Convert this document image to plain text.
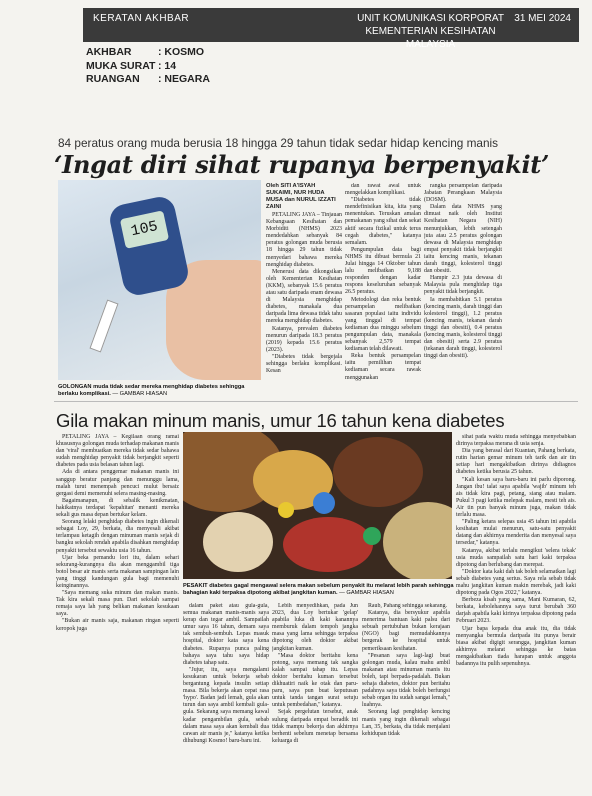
KERATAN AKHBAR	UNIT KOMUNIKASI KORPORAT
KEMENTERIAN KESIHATAN MALAYSIA
31 MEI 2024
AKHBAR	: KOSMO
MUKA SURAT : 14
RUANGAN : NEGARA
84 peratus orang muda berusia 18 hingga 29 tahun tidak sedar hidap kencing manis
‘Ingat diri sihat rupanya berpenyakit’
105
GOLONGAN muda tidak sedar mereka menghidap diabetes sehingga berlaku komplikasi. — GAMBAR HIASAN
Oleh SITI A'ISYAH SUKAIMI, NUR HUDA MUSA dan NURUL IZZATI ZAINI

PETALING JAYA – Tinjauan Kebangsaan Kesihatan dan Morbiditi (NHMS) 2023 mendedahkan sebanyak 84 peratus golongan muda berusia 18 hingga 29 tahun tidak menyedari bahawa mereka menghidap diabetes.

Menerusi data dikongsikan oleh Kementerian Kesihatan (KKM), sebanyak 15.6 peratus atau satu daripada enam dewasa di Malaysia menghidap diabetes, manakala dua daripada lima dewasa tidak tahu mereka menghidap diabetes.

Katanya, prevalen diabetes menurun daripada 18.3 peratus (2019) kepada 15.6 peratus (2023).

"Diabetes tidak bergejala sehingga berlaku komplikasi. Kesan

dan rawat awal untuk mengelakkan komplikasi.

"Diabetes tidak mendefinisikan kita, kita yang menentukan. Teruskan amalan pemakanan yang sihat dan sekat aktif secara fizikal untuk terus cegah diabetes," katanya semalam.

Pengumpulan data bagi NHMS itu dibuat bermula 21 Julai hingga 14 Oktober tahun lalu melibatkan 9,188 responden dengan kadar respons keseluruhan sebanyak 26.5 peratus.

Metodologi dan reka bentuk persampelan melibatkan sasaran populasi iaitu individu yang tinggal di tempat kediaman dua minggu sebelum pengumpulan data, manakala sebanyak 2,579 tempat kediaman telah dilawati.

Reka bentuk persampelan iaitu pemilihan tempat kediaman secara rawak menggunakan

rangka persampelan daripada Jabatan Perangkaan Malaysia (DOSM).

Dalam data NHMS yang dimuat naik oleh Institut Kesihatan Negara (NIH) menunjukkan, lebih setengah juta atau 2.5 peratus golongan dewasa di Malaysia menghidap empat penyakit tidak berjangkit iaitu kencing manis, tekanan darah tinggi, kolesterol tinggi dan obesiti.

Hampir 2.3 juta dewasa di Malaysia pula menghidap tiga penyakit tidak berjangkit.

Ia membabitkan 5.1 peratus (kencing manis, darah tinggi dan kolesterol tinggi), 1.2 peratus (kencing manis, tekanan darah tinggi dan obesiti), 0.4 peratus (kencing manis, kolesterol tinggi dan obesiti) serta 2.9 peratus (tekanan darah tinggi, kolesterol tinggi dan obesiti).

Gila makan minum manis, umur 16 tahun kena diabetes

PETALING JAYA – Kegilaan orang ramai khususnya golongan muda terhadap makanan manis dan 'viral' membuatkan mereka tidak sedar bahawa sudah menghidap penyakit tidak berjangkit seperti diabetes pada usia belasan tahun lagi.

Ada di antara penggemar makanan manis ini sanggup beratur panjang dan menunggu lama, malah turut menempah pencuci mulut bersaiz gergasi demi memenuhi selera masing-masing.

Bagaimanapun, di sebalik kenikmatan, hakikatnya terdapat 'kepahitan' menanti mereka sekali gus masa depan bertukar kelam.

Seorang lelaki penghidap diabetes ingin dikenali sebagai Loy, 29, berkata, dia menyesali akibat terlampau ketagih dengan minuman manis sejak di bangku sekolah rendah apabila disahkan menghidap penyakit tersebut sewaktu usia 16 tahun.

Ujar beka pemandu lori itu, dalam sehari sekurang-kurangnya dia akan menggambil tiga botol besar air manis serta makanan sampingan lain yang tinggi kandungan gula bagi memenuhi keinginannya.

"Saya memang suka minum dan makan manis. Tak kira sekali masa pun. Dari sekolah sampai remaja saya lah yang belikan makanan kesukaan saya.

"Bukan air manis saja, makanan ringan seperti keropok juga

PESAKIT diabetes gagal mengawal selera makan sebelum penyakit itu melarat lebih parah sehingga bahagian kaki terpaksa dipotong akibat jangkitan kuman. — GAMBAR HIASAN

dalam paket atau gula-gula, semua makanan manis-manis saya kerap dan tegar ambil. Sampailah umur saya 16 tahun, demam saya tak sembuh-sembuh. Lepas masuk hospital, doktor kata saya kena diabetes. Rupanya punca paling bahaya saya tahu saya hidap diabetes tahap satu.

"Jujur, itu, saya mengalami kesukaran untuk bekerja sebab bergantung kepada insulin setiap masa. Bila bekerja akan cepat rasa 'hypo'. Badan jadi lemah, gula akan turun dan saya ambil kembali gula-gula. Sekarang saya memang kawal kadar pengambilan gula, sebab dalam masa saya akan kembali dua cawan air manis je," katanya ketika dihubungi Kosmo! baru-baru ini.

Lebih menyedihkan, pada Jun 2023, dua Loy bertukar 'gelap' apabila luka di kaki kanannya memburuk dalam tempoh jangka masa yang lama sehingga terpaksa dipotong oleh doktor akibat jangkitan kuman.

"Masa doktor beritahu kena potong, saya memang tak sangka kalah sampai tahap itu. Lepas doktor beritahu kuman tersebut dikhuatiri naik ke otak dan paru-paru, saya pun buat keputusan untuk tanda tangan surat setuju untuk pembedahan," katanya.

Sejak pergelutan tersebut, anak sulung daripada empat beradik ini tidak mampu bekerja dan akhirnya berhenti sebelum menetap bersama keluarga di

Raub, Pahang sehingga sekarang.

Katanya, dia bersyukur apabila menerima bantuan kaki palsu dari sebuah pertubuhan bukan kerajaan (NGO) bagi memudahkannya bergerak ke hospital untuk pemeriksaan kesihatan.

"Pesanan saya lagi-lagi buat golongan muda, kalau mahu ambil makanan atau minuman manis itu boleh, tapi berpada-padalah. Bukan sehaja diabetes, doktor pun beritahu padahnya saya tidak boleh berfungsi sebab organ itu sudah sangat lemah," luahnya.

Seorang lagi penghidap kencing manis yang ingin dikenali sebagai Lan, 35, berkata, dia tidak menjalani kehidupan tidak

sihat pada waktu muda sehingga menyebabkan dirinya terpaksa merana di usia senja.

Dia yang berasal dari Kuantan, Pahang berkata, rutin harian gemar minum teh tarik dan air tin setiap hari mengakibatkan dirinya didiagnos diabetes ketika berusia 25 tahun.

"Kali kesan saya baru-baru ini parlu diporong. Jangan ibu! talat saya apabila 'wajib' minum teh ais tidak kira pagi, petang, siang atau malam. Pukul 3 pagi ketika melepak malam, mesti teh ais. Air tin pun banyak minum juga, makan tidak terlalu masa.

"Paling ketara selepas usia 45 tahun ini apabila kesihatan mulai menurun, satu-satu penyakit datang dan akhirnya menderita dan menyesal saya tersedar," katanya.

Katanya, akibat terlalu mengikut 'selera tekak' usia muda sampailah satu hari kaki terpaksa dipotong dan berlubang dan merepat.

"Doktor kata kaki dah tak boleh selamatkan lagi sebab diabetes yang serius. Saya rela sebab tidak mahu jangkitan kuman makin merebak, jadi kaki dipotong pada Ogos 2022," katanya.

Berbeza kisah yang sama, Mani Kumaran, 62, berkata, kebolehannya saya turut berubah 360 darjah apabila kaki kirinya terpaksa dipotong pada Februari 2023.

Ujar bapa kepada dua anak itu, dia tidak menyangka bermula daripada itu punya berair biasa akibat digigit serangga, jangkitan kuman akhirnya melarat sehingga ke batas mengakibatkan tiada harapan untuk anggota badannya itu pulih sepenuhnya.
